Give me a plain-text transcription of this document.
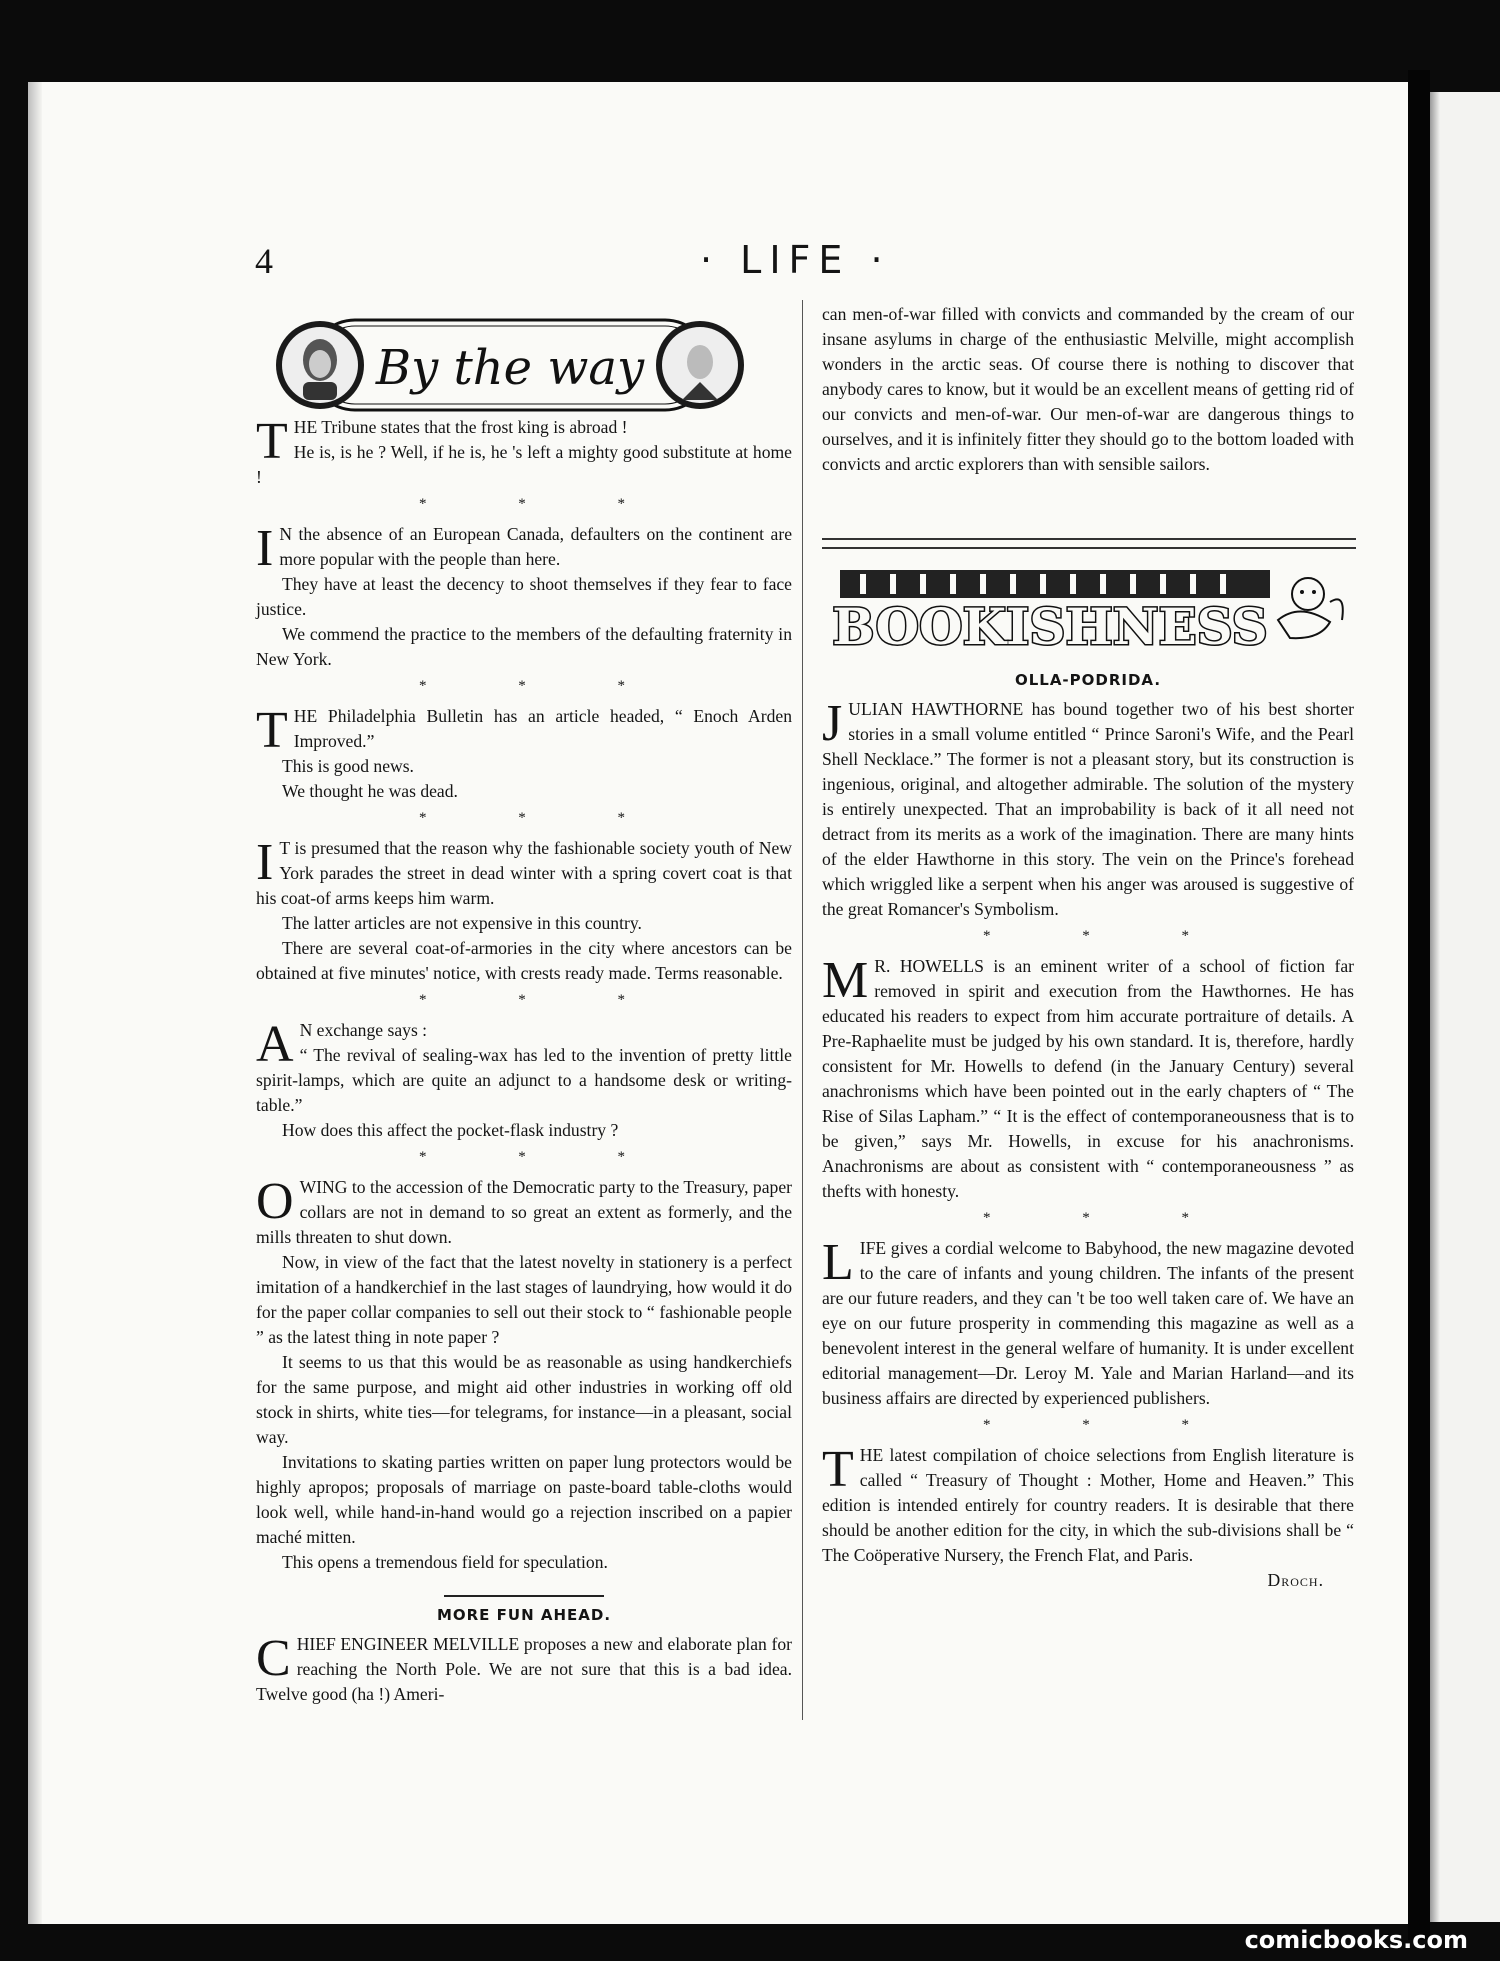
4	· LIFE ·
By the way
T HE Tribune states that the frost king is abroad !

He is, is he ? Well, if he is, he 's left a mighty good substitute at home !

* * *
I N the absence of an European Canada, defaulters on the continent are more popular with the people than here.

They have at least the decency to shoot themselves if they fear to face justice.

We commend the practice to the members of the defaulting fraternity in New York.

* * *
T HE Philadelphia Bulletin has an article headed, “ Enoch Arden Improved.”

This is good news.

We thought he was dead.

* * *
I T is presumed that the reason why the fashionable society youth of New York parades the street in dead winter with a spring covert coat is that his coat-of arms keeps him warm.

The latter articles are not expensive in this country.

There are several coat-of-armories in the city where ancestors can be obtained at five minutes' notice, with crests ready made. Terms reasonable.

* * *
A N exchange says :

“ The revival of sealing-wax has led to the invention of pretty little spirit-lamps, which are quite an adjunct to a handsome desk or writing-table.”

How does this affect the pocket-flask industry ?

* * *
O WING to the accession of the Democratic party to the Treasury, paper collars are not in demand to so great an extent as formerly, and the mills threaten to shut down.

Now, in view of the fact that the latest novelty in stationery is a perfect imitation of a handkerchief in the last stages of laundrying, how would it do for the paper collar companies to sell out their stock to “ fashionable people ” as the latest thing in note paper ?

It seems to us that this would be as reasonable as using handkerchiefs for the same purpose, and might aid other industries in working off old stock in shirts, white ties—for telegrams, for instance—in a pleasant, social way.

Invitations to skating parties written on paper lung protectors would be highly apropos; proposals of marriage on paste-board table-cloths would look well, while hand-in-hand would go a rejection inscribed on a papier maché mitten.

This opens a tremendous field for speculation.

MORE FUN AHEAD.
C HIEF ENGINEER MELVILLE proposes a new and elaborate plan for reaching the North Pole. We are not sure that this is a bad idea. Twelve good (ha !) Ameri-

can men-of-war filled with convicts and commanded by the cream of our insane asylums in charge of the enthusiastic Melville, might accomplish wonders in the arctic seas. Of course there is nothing to discover that anybody cares to know, but it would be an excellent means of getting rid of our convicts and men-of-war. Our men-of-war are dangerous things to ourselves, and it is infinitely fitter they should go to the bottom loaded with convicts and arctic explorers than with sensible sailors.

BOOKISHNESS
OLLA-PODRIDA.
J ULIAN HAWTHORNE has bound together two of his best shorter stories in a small volume entitled “ Prince Saroni's Wife, and the Pearl Shell Necklace.” The former is not a pleasant story, but its construction is ingenious, original, and altogether admirable. The solution of the mystery is entirely unexpected. That an improbability is back of it all need not detract from its merits as a work of the imagination. There are many hints of the elder Hawthorne in this story. The vein on the Prince's forehead which wriggled like a serpent when his anger was aroused is suggestive of the great Romancer's Symbolism.

* * *
M R. HOWELLS is an eminent writer of a school of fiction far removed in spirit and execution from the Hawthornes. He has educated his readers to expect from him accurate portraiture of details. A Pre-Raphaelite must be judged by his own standard. It is, therefore, hardly consistent for Mr. Howells to defend (in the January Century) several anachronisms which have been pointed out in the early chapters of “ The Rise of Silas Lapham.” “ It is the effect of contemporaneousness that is to be given,” says Mr. Howells, in excuse for his anachronisms. Anachronisms are about as consistent with “ contemporaneousness ” as thefts with honesty.

* * *
L IFE gives a cordial welcome to Babyhood, the new magazine devoted to the care of infants and young children. The infants of the present are our future readers, and they can 't be too well taken care of. We have an eye on our future prosperity in commending this magazine as well as a benevolent interest in the general welfare of humanity. It is under excellent editorial management—Dr. Leroy M. Yale and Marian Harland—and its business affairs are directed by experienced publishers.

* * *
T HE latest compilation of choice selections from English literature is called “ Treasury of Thought : Mother, Home and Heaven.” This edition is intended entirely for country readers. It is desirable that there should be another edition for the city, in which the sub-divisions shall be “ The Coöperative Nursery, the French Flat, and Paris.

Droch.
comicbooks.com
